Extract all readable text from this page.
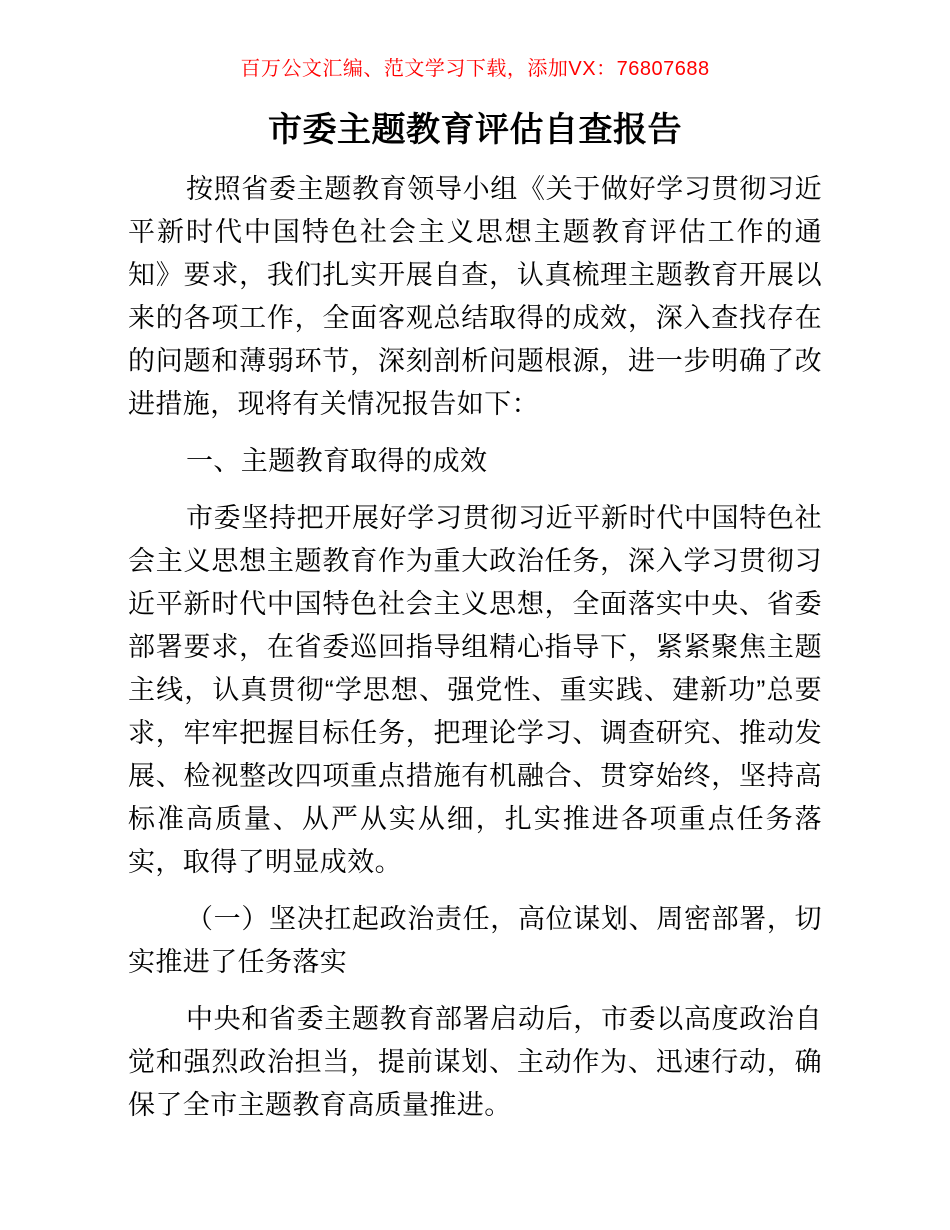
百万公文汇编、范文学习下载，添加VX：76807688
市委主题教育评估自查报告

按照省委主题教育领导小组《关于做好学习贯彻习近平新时代中国特色社会主义思想主题教育评估工作的通知》要求，我们扎实开展自查，认真梳理主题教育开展以来的各项工作，全面客观总结取得的成效，深入查找存在的问题和薄弱环节，深刻剖析问题根源，进一步明确了改进措施，现将有关情况报告如下：

一、主题教育取得的成效

市委坚持把开展好学习贯彻习近平新时代中国特色社会主义思想主题教育作为重大政治任务，深入学习贯彻习近平新时代中国特色社会主义思想，全面落实中央、省委部署要求，在省委巡回指导组精心指导下，紧紧聚焦主题主线，认真贯彻“学思想、强党性、重实践、建新功”总要求，牢牢把握目标任务，把理论学习、调查研究、推动发展、检视整改四项重点措施有机融合、贯穿始终，坚持高标准高质量、从严从实从细，扎实推进各项重点任务落实，取得了明显成效。

（一）坚决扛起政治责任，高位谋划、周密部署，切实推进了任务落实

中央和省委主题教育部署启动后，市委以高度政治自觉和强烈政治担当，提前谋划、主动作为、迅速行动，确保了全市主题教育高质量推进。
